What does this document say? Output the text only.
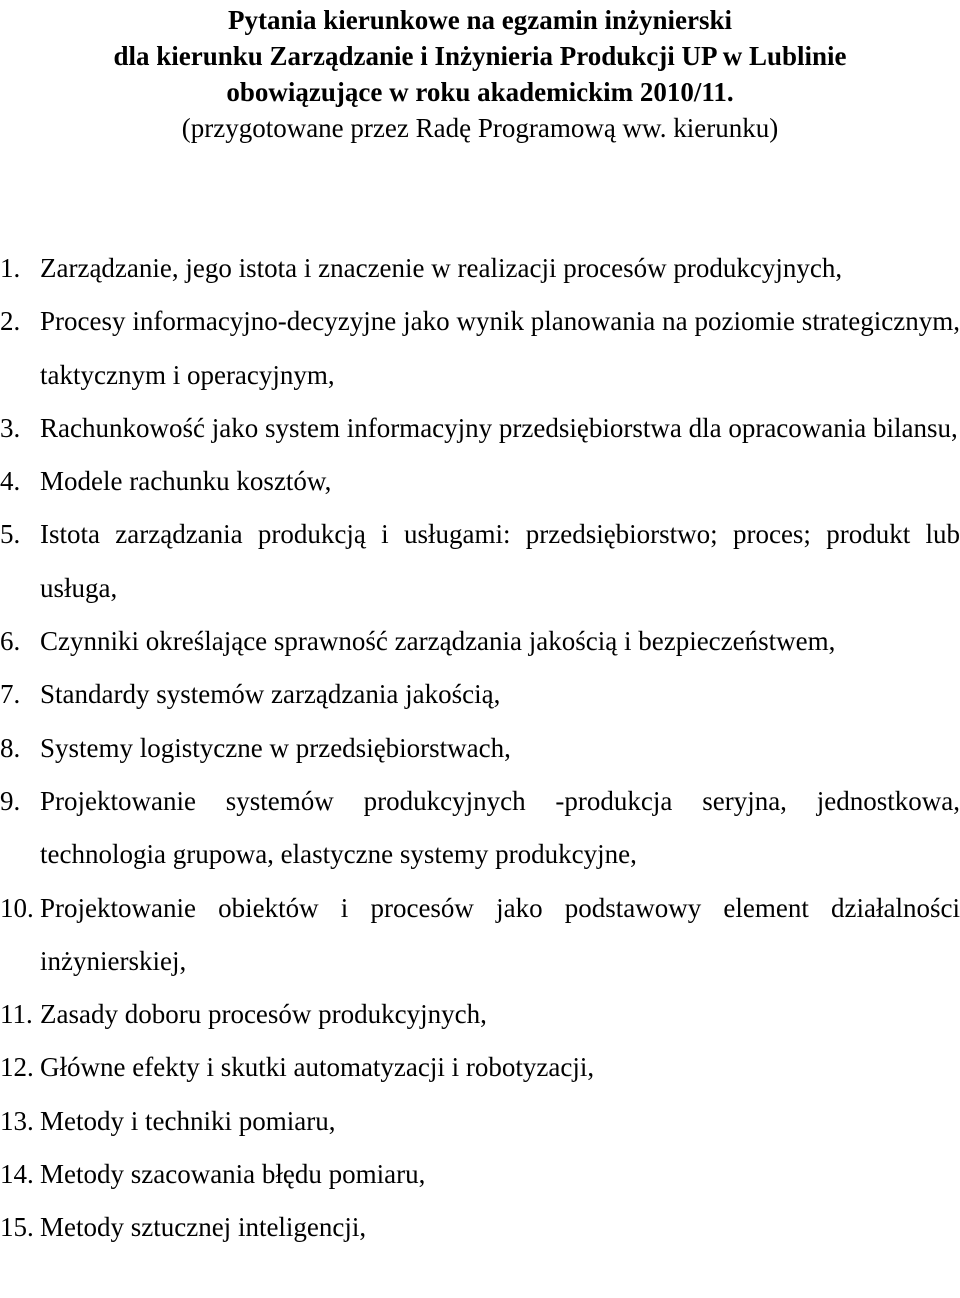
Pytania kierunkowe na egzamin inżynierski
dla kierunku Zarządzanie i Inżynieria Produkcji UP w Lublinie
obowiązujące w roku akademickim 2010/11.
(przygotowane przez Radę Programową ww. kierunku)
1. Zarządzanie, jego istota i znaczenie w realizacji procesów produkcyjnych,
2. Procesy informacyjno-decyzyjne jako wynik planowania na poziomie strategicznym, taktycznym i operacyjnym,
3. Rachunkowość jako system informacyjny przedsiębiorstwa dla opracowania bilansu,
4. Modele rachunku kosztów,
5. Istota zarządzania produkcją i usługami: przedsiębiorstwo; proces; produkt lub usługa,
6. Czynniki określające sprawność zarządzania jakością i bezpieczeństwem,
7. Standardy systemów zarządzania jakością,
8. Systemy logistyczne w przedsiębiorstwach,
9. Projektowanie systemów produkcyjnych -produkcja seryjna, jednostkowa, technologia grupowa, elastyczne systemy produkcyjne,
10. Projektowanie obiektów i procesów jako podstawowy element działalności inżynierskiej,
11. Zasady doboru procesów produkcyjnych,
12. Główne efekty i skutki automatyzacji i robotyzacji,
13. Metody i techniki pomiaru,
14. Metody szacowania błędu pomiaru,
15. Metody sztucznej inteligencji,
